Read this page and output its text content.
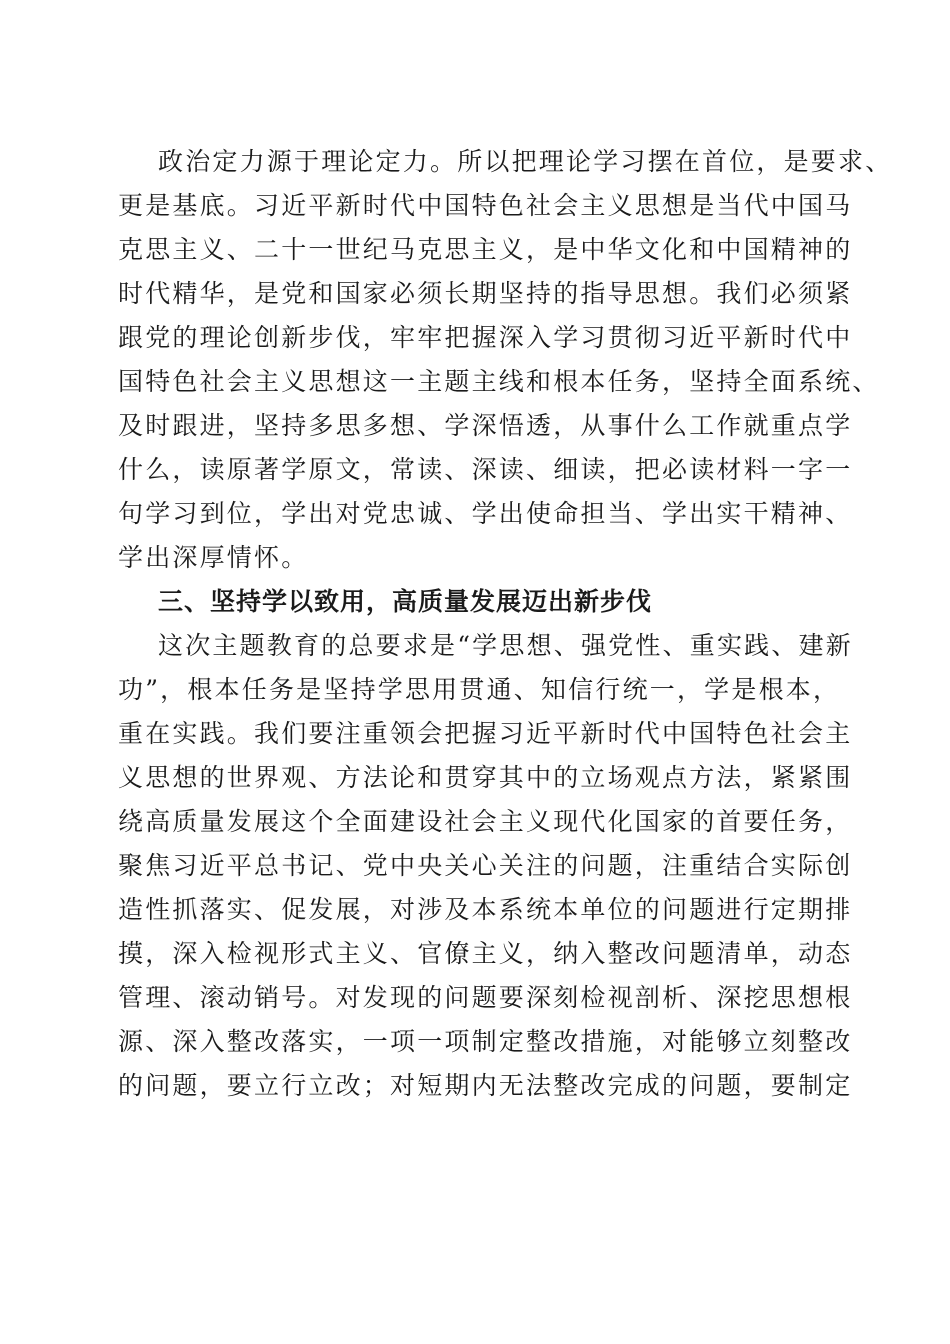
政治定力源于理论定力。所以把理论学习摆在首位，是要求、
更是基底。习近平新时代中国特色社会主义思想是当代中国马
克思主义、二十一世纪马克思主义，是中华文化和中国精神的
时代精华，是党和国家必须长期坚持的指导思想。我们必须紧
跟党的理论创新步伐，牢牢把握深入学习贯彻习近平新时代中
国特色社会主义思想这一主题主线和根本任务，坚持全面系统、
及时跟进，坚持多思多想、学深悟透，从事什么工作就重点学
什么，读原著学原文，常读、深读、细读，把必读材料一字一
句学习到位，学出对党忠诚、学出使命担当、学出实干精神、
学出深厚情怀。
三、坚持学以致用，高质量发展迈出新步伐
这次主题教育的总要求是“学思想、强党性、重实践、建新
功”，根本任务是坚持学思用贯通、知信行统一，学是根本，
重在实践。我们要注重领会把握习近平新时代中国特色社会主
义思想的世界观、方法论和贯穿其中的立场观点方法，紧紧围
绕高质量发展这个全面建设社会主义现代化国家的首要任务，
聚焦习近平总书记、党中央关心关注的问题，注重结合实际创
造性抓落实、促发展，对涉及本系统本单位的问题进行定期排
摸，深入检视形式主义、官僚主义，纳入整改问题清单，动态
管理、滚动销号。对发现的问题要深刻检视剖析、深挖思想根
源、深入整改落实，一项一项制定整改措施，对能够立刻整改
的问题，要立行立改；对短期内无法整改完成的问题，要制定
